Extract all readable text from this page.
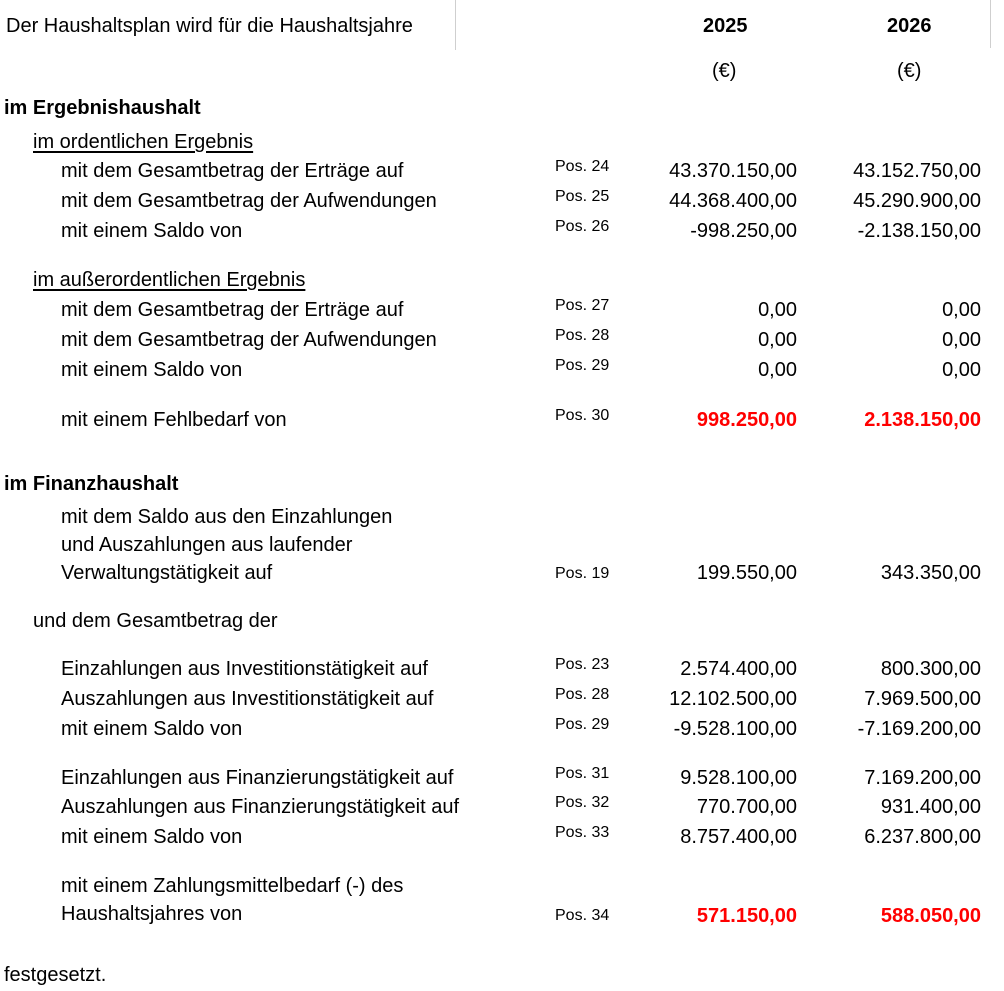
Der Haushaltsplan wird für die Haushaltsjahre	2025	2026
(€)	(€)
im Ergebnishaushalt
im ordentlichen Ergebnis
mit dem Gesamtbetrag der Erträge auf	Pos. 24	43.370.150,00	43.152.750,00
mit dem Gesamtbetrag der Aufwendungen	Pos. 25	44.368.400,00	45.290.900,00
mit einem Saldo von	Pos. 26	-998.250,00	-2.138.150,00
im außerordentlichen Ergebnis
mit dem Gesamtbetrag der Erträge auf	Pos. 27	0,00	0,00
mit dem Gesamtbetrag der Aufwendungen	Pos. 28	0,00	0,00
mit einem Saldo von	Pos. 29	0,00	0,00
mit einem Fehlbedarf von	Pos. 30	998.250,00	2.138.150,00
im Finanzhaushalt
mit dem Saldo aus den Einzahlungen
und Auszahlungen aus laufender
Verwaltungstätigkeit auf	Pos. 19	199.550,00	343.350,00
und dem Gesamtbetrag der
Einzahlungen aus Investitionstätigkeit auf	Pos. 23	2.574.400,00	800.300,00
Auszahlungen aus Investitionstätigkeit auf	Pos. 28	12.102.500,00	7.969.500,00
mit einem Saldo von	Pos. 29	-9.528.100,00	-7.169.200,00
Einzahlungen aus Finanzierungstätigkeit auf	Pos. 31	9.528.100,00	7.169.200,00
Auszahlungen aus Finanzierungstätigkeit auf	Pos. 32	770.700,00	931.400,00
mit einem Saldo von	Pos. 33	8.757.400,00	6.237.800,00
mit einem Zahlungsmittelbedarf (-) des
Haushaltsjahres von	Pos. 34	571.150,00	588.050,00
festgesetzt.
